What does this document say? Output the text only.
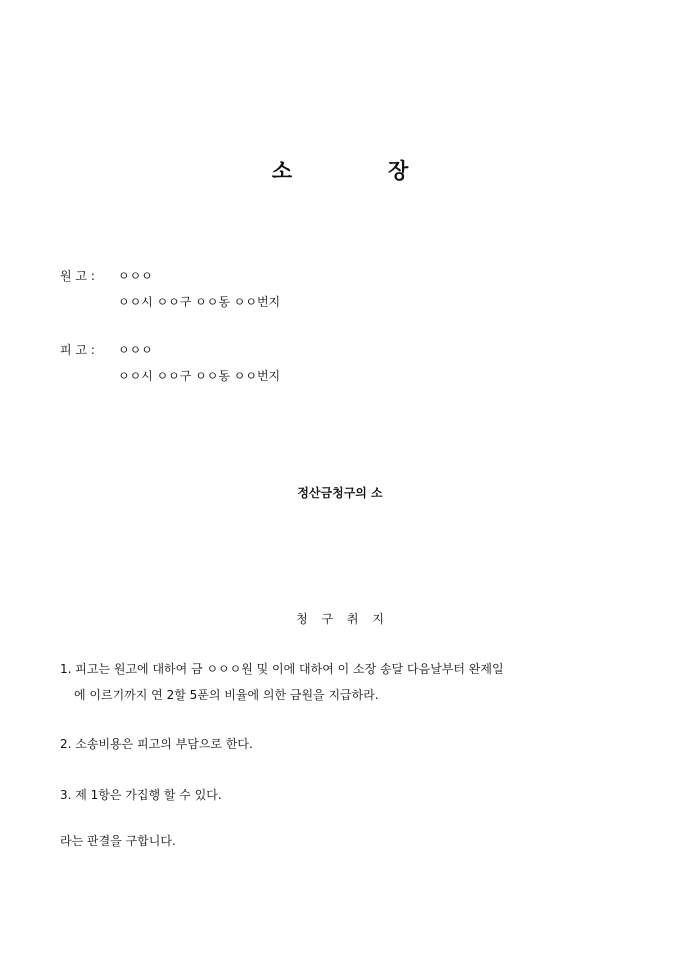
소	장
원 고 : ㅇㅇㅇ
ㅇㅇ시 ㅇㅇ구 ㅇㅇ동 ㅇㅇ번지
피 고 : ㅇㅇㅇ
ㅇㅇ시 ㅇㅇ구 ㅇㅇ동 ㅇㅇ번지
정산금청구의 소
청 구 취 지
1. 피고는 원고에 대하여 금 ㅇㅇㅇ원 및 이에 대하여 이 소장 송달 다음날부터 완제일
에 이르기까지 연 2할 5푼의 비율에 의한 금원을 지급하라.
2. 소송비용은 피고의 부담으로 한다.
3. 제 1항은 가집행 할 수 있다.
라는 판결을 구합니다.
